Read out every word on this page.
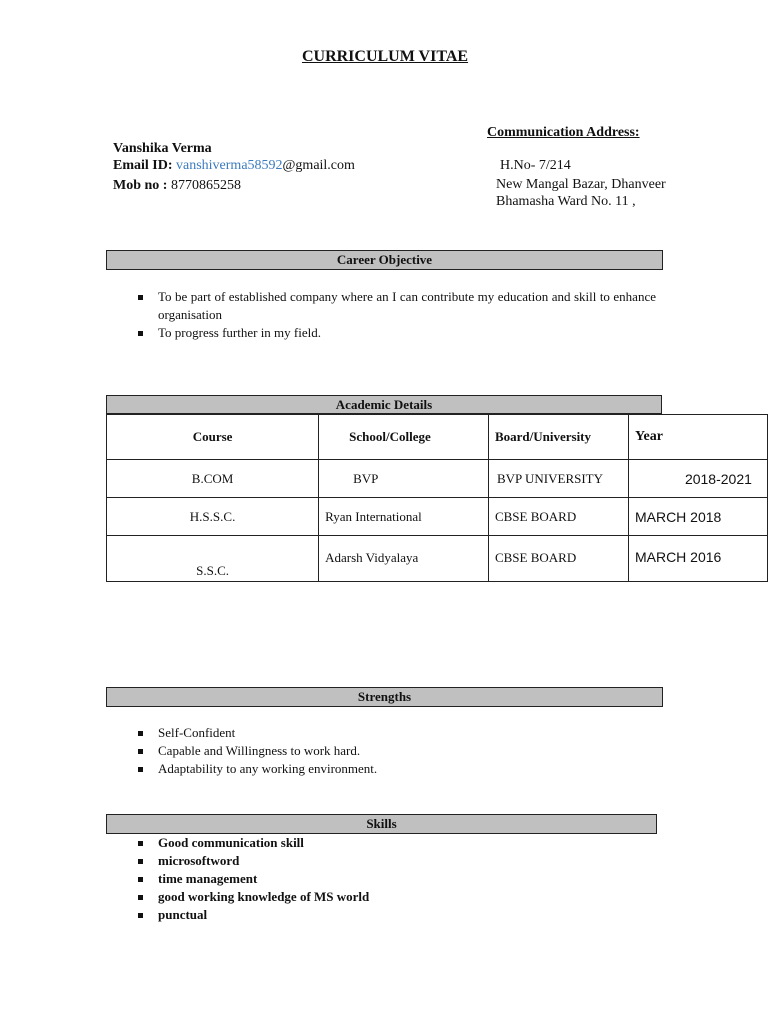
CURRICULUM VITAE
Vanshika Verma
Email ID: vanshiverma58592@gmail.com
Mob no : 8770865258
Communication Address:
H.No- 7/214
New Mangal Bazar, Dhanveer
Bhamasha Ward No. 11 ,
Career Objective
To be part of established company where an I can contribute my education and skill to enhance organisation
To progress further in my field.
Academic Details
Course	School/College	Board/University	Year
B.COM	BVP	BVP UNIVERSITY	2018-2021
H.S.S.C.	Ryan International	CBSE BOARD	MARCH 2018
S.S.C.	Adarsh Vidyalaya	CBSE BOARD	MARCH 2016
Strengths
Self-Confident
Capable and Willingness to work hard.
Adaptability to any working environment.
Skills
Good communication skill
microsoftword
time management
good working knowledge of MS world
punctual
